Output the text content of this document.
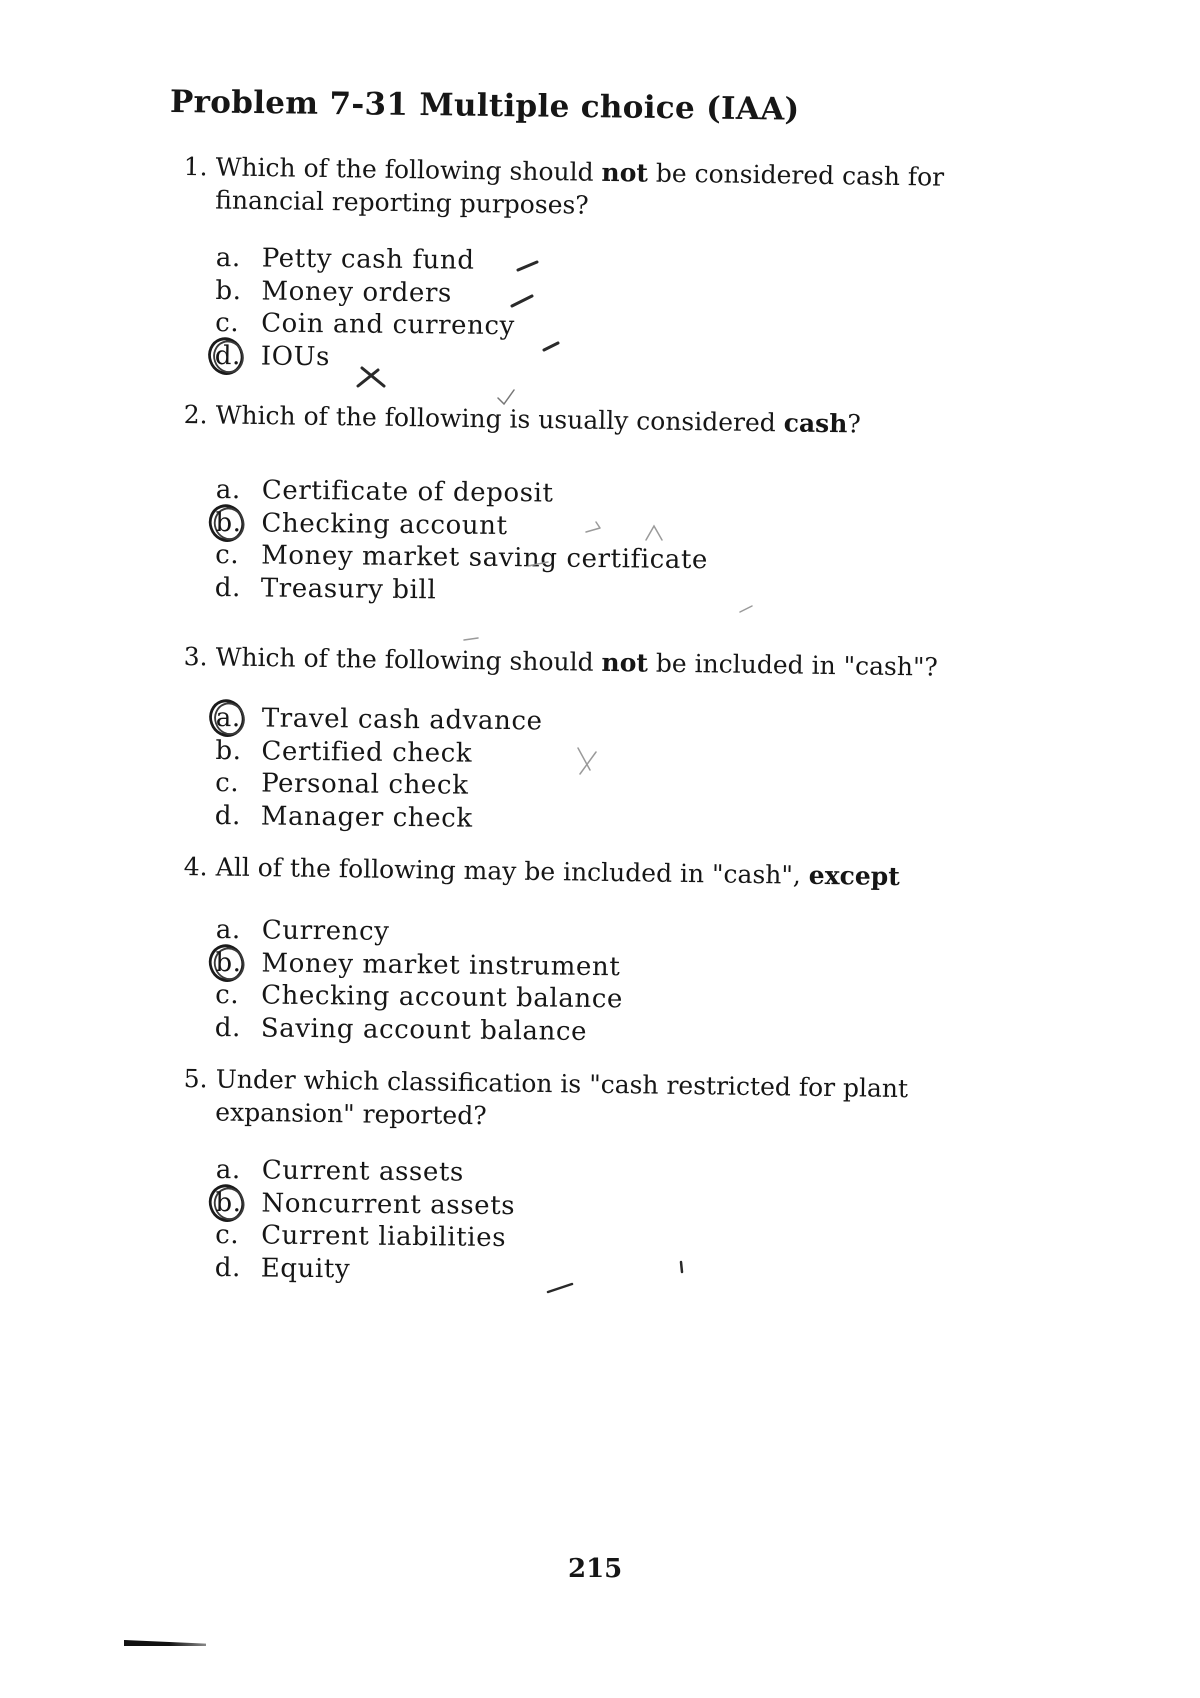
Problem 7-31 Multiple choice (IAA)
1. Which of the following should not be considered cash for financial reporting purposes?
a. Petty cash fund
b. Money orders
c. Coin and currency
d. IOUs
2. Which of the following is usually considered cash?
a. Certificate of deposit
b. Checking account
c. Money market saving certificate
d. Treasury bill
3. Which of the following should not be included in "cash"?
a. Travel cash advance
b. Certified check
c. Personal check
d. Manager check
4. All of the following may be included in "cash", except
a. Currency
b. Money market instrument
c. Checking account balance
d. Saving account balance
5. Under which classification is "cash restricted for plant expansion" reported?
a. Current assets
b. Noncurrent assets
c. Current liabilities
d. Equity
215
